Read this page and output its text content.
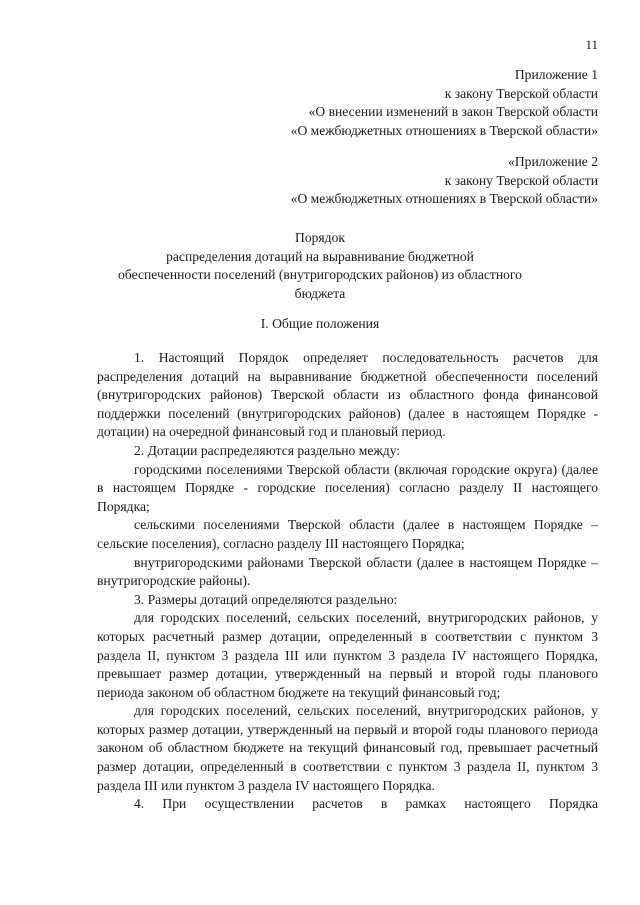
11
Приложение 1
к закону Тверской области
«О внесении изменений в закон Тверской области
«О межбюджетных отношениях в Тверской области»
«Приложение 2
к закону Тверской области
«О межбюджетных отношениях в Тверской области»
Порядок
распределения дотаций на выравнивание бюджетной
обеспеченности поселений (внутригородских районов) из областного
бюджета
I. Общие положения

1. Настоящий Порядок определяет последовательность расчетов для распределения дотаций на выравнивание бюджетной обеспеченности поселений (внутригородских районов) Тверской области из областного фонда финансовой поддержки поселений (внутригородских районов) (далее в настоящем Порядке - дотации) на очередной финансовый год и плановый период.

2. Дотации распределяются раздельно между:

городскими поселениями Тверской области (включая городские округа) (далее в настоящем Порядке - городские поселения) согласно разделу II настоящего Порядка;

сельскими поселениями Тверской области (далее в настоящем Порядке – сельские поселения), согласно разделу III настоящего Порядка;

внутригородскими районами Тверской области (далее в настоящем Порядке – внутригородские районы).

3. Размеры дотаций определяются раздельно:

для городских поселений, сельских поселений, внутригородских районов, у которых расчетный размер дотации, определенный в соответствии с пунктом 3 раздела II, пунктом 3 раздела III или пунктом 3 раздела IV настоящего Порядка, превышает размер дотации, утвержденный на первый и второй годы планового периода законом об областном бюджете на текущий финансовый год;

для городских поселений, сельских поселений, внутригородских районов, у которых размер дотации, утвержденный на первый и второй годы планового периода законом об областном бюджете на текущий финансовый год, превышает расчетный размер дотации, определенный в соответствии с пунктом 3 раздела II, пунктом 3 раздела III или пунктом 3 раздела IV настоящего Порядка.

4. При осуществлении расчетов в рамках настоящего Порядка
